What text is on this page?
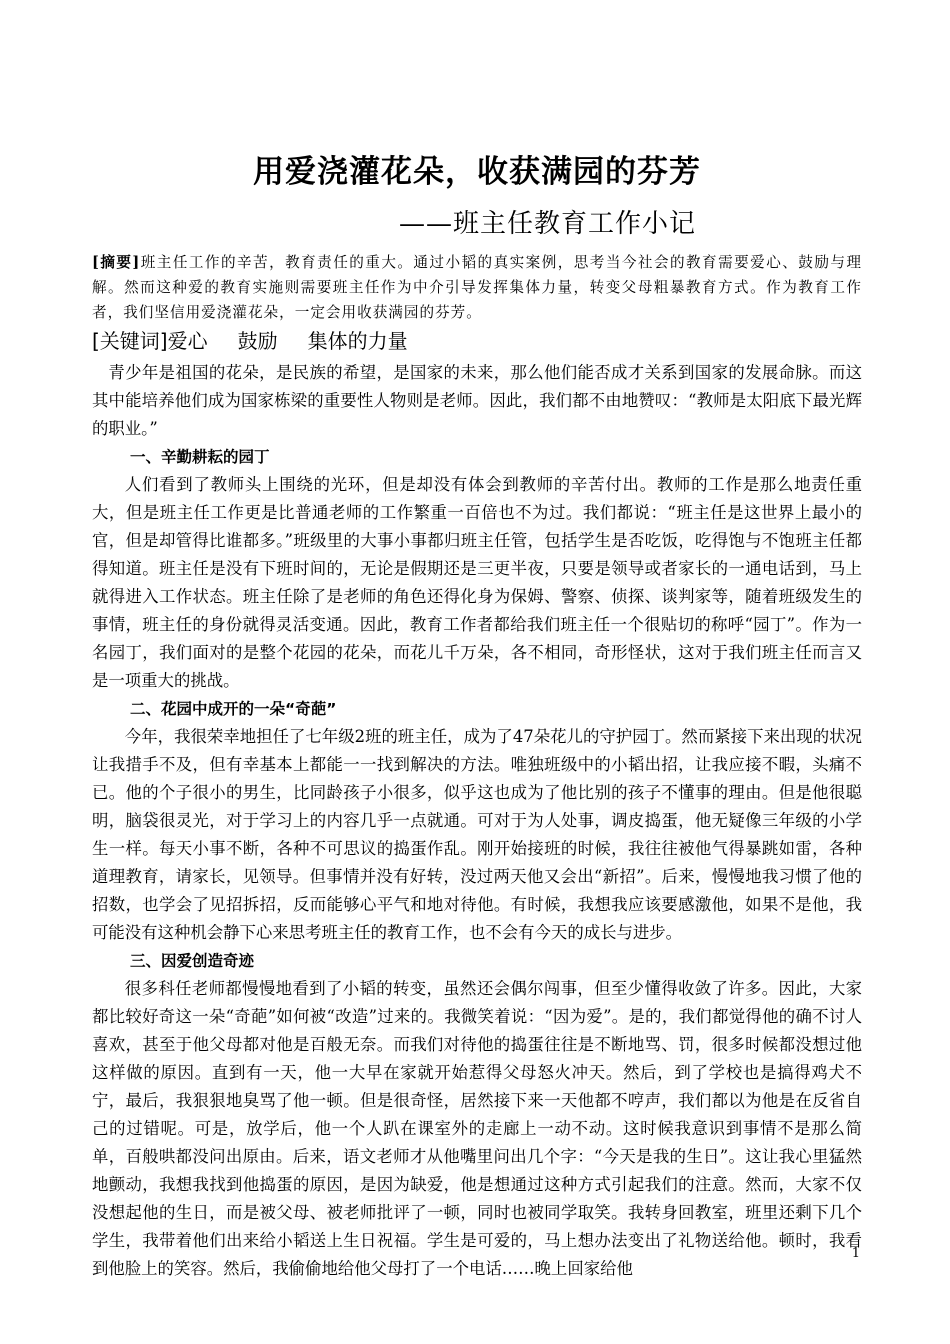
用爱浇灌花朵，收获满园的芬芳
——班主任教育工作小记

[摘要]班主任工作的辛苦，教育责任的重大。通过小韬的真实案例，思考当今社会的教育需要爱心、鼓励与理解。然而这种爱的教育实施则需要班主任作为中介引导发挥集体力量，转变父母粗暴教育方式。作为教育工作者，我们坚信用爱浇灌花朵，一定会用收获满园的芬芳。

[关键词]爱心 鼓励 集体的力量

青少年是祖国的花朵，是民族的希望，是国家的未来，那么他们能否成才关系到国家的发展命脉。而这其中能培养他们成为国家栋梁的重要性人物则是老师。因此，我们都不由地赞叹：“教师是太阳底下最光辉的职业。”

一、辛勤耕耘的园丁

人们看到了教师头上围绕的光环，但是却没有体会到教师的辛苦付出。教师的工作是那么地责任重大，但是班主任工作更是比普通老师的工作繁重一百倍也不为过。我们都说：“班主任是这世界上最小的官，但是却管得比谁都多。”班级里的大事小事都归班主任管，包括学生是否吃饭，吃得饱与不饱班主任都得知道。班主任是没有下班时间的，无论是假期还是三更半夜，只要是领导或者家长的一通电话到，马上就得进入工作状态。班主任除了是老师的角色还得化身为保姆、警察、侦探、谈判家等，随着班级发生的事情，班主任的身份就得灵活变通。因此，教育工作者都给我们班主任一个很贴切的称呼“园丁”。作为一名园丁，我们面对的是整个花园的花朵，而花儿千万朵，各不相同，奇形怪状，这对于我们班主任而言又是一项重大的挑战。

二、花园中成开的一朵“奇葩”

今年，我很荣幸地担任了七年级2班的班主任，成为了47朵花儿的守护园丁。然而紧接下来出现的状况让我措手不及，但有幸基本上都能一一找到解决的方法。唯独班级中的小韬出招，让我应接不暇，头痛不已。他的个子很小的男生，比同龄孩子小很多，似乎这也成为了他比别的孩子不懂事的理由。但是他很聪明，脑袋很灵光，对于学习上的内容几乎一点就通。可对于为人处事，调皮捣蛋，他无疑像三年级的小学生一样。每天小事不断，各种不可思议的捣蛋作乱。刚开始接班的时候，我往往被他气得暴跳如雷，各种道理教育，请家长，见领导。但事情并没有好转，没过两天他又会出“新招”。后来，慢慢地我习惯了他的招数，也学会了见招拆招，反而能够心平气和地对待他。有时候，我想我应该要感激他，如果不是他，我可能没有这种机会静下心来思考班主任的教育工作，也不会有今天的成长与进步。

三、因爱创造奇迹

很多科任老师都慢慢地看到了小韬的转变，虽然还会偶尔闯事，但至少懂得收敛了许多。因此，大家都比较好奇这一朵“奇葩”如何被“改造”过来的。我微笑着说：“因为爱”。是的，我们都觉得他的确不讨人喜欢，甚至于他父母都对他是百般无奈。而我们对待他的捣蛋往往是不断地骂、罚，很多时候都没想过他这样做的原因。直到有一天，他一大早在家就开始惹得父母怒火冲天。然后，到了学校也是搞得鸡犬不宁，最后，我狠狠地臭骂了他一顿。但是很奇怪，居然接下来一天他都不哼声，我们都以为他是在反省自己的过错呢。可是，放学后，他一个人趴在课室外的走廊上一动不动。这时候我意识到事情不是那么简单，百般哄都没问出原由。后来，语文老师才从他嘴里问出几个字：“今天是我的生日”。这让我心里猛然地颤动，我想我找到他捣蛋的原因，是因为缺爱，他是想通过这种方式引起我们的注意。然而，大家不仅没想起他的生日，而是被父母、被老师批评了一顿，同时也被同学取笑。我转身回教室，班里还剩下几个学生，我带着他们出来给小韬送上生日祝福。学生是可爱的，马上想办法变出了礼物送给他。顿时，我看到他脸上的笑容。然后，我偷偷地给他父母打了一个电话……晚上回家给他

1
